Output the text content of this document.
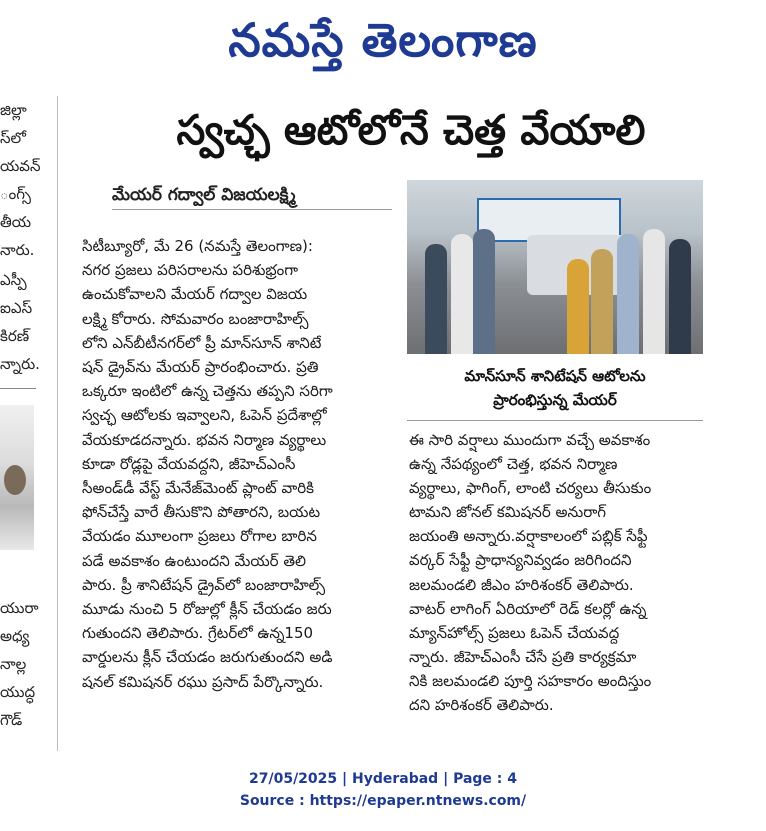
నమస్తే తెలంగాణ
జిల్లా
స్‌లో
యవన్
ంగ్స్
తీయ
నారు.
ఎస్పీ
ఐఎస్
కిరణ్
న్నారు.
యురా
అధ్య
నాల్ల
యుద్ధ
గౌడ్
స్వచ్ఛ ఆటోలోనే చెత్త వేయాలి
మేయర్ గద్వాల్ విజయలక్ష్మి
సిటీబ్యూరో, మే 26 (నమస్తే తెలంగాణ):
నగర ప్రజలు పరిసరాలను పరిశుభ్రంగా
ఉంచుకోవాలని మేయర్ గద్వాల విజయ
లక్ష్మి కోరారు. సోమవారం బంజారాహిల్స్
లోని ఎన్‌బీటీనగర్‌లో ప్రీ మాన్‌సూన్ శానిటే
షన్ డ్రైవ్‌ను మేయర్ ప్రారంభించారు. ప్రతి
ఒక్కరూ ఇంటిలో ఉన్న చెత్తను తప్పని సరిగా
స్వచ్ఛ ఆటోలకు ఇవ్వాలని, ఓపెన్ ప్రదేశాల్లో
వేయకూడదన్నారు. భవన నిర్మాణ వ్యర్థాలు
కూడా రోడ్లపై వేయవద్దని, జీహెచ్‌ఎంసీ
సీఅండ్‌డీ వేస్ట్ మేనేజ్‌మెంట్ ప్లాంట్ వారికి
ఫోన్‌చేస్తే వారే తీసుకొని పోతారని, బయట
వేయడం మూలంగా ప్రజలు రోగాల బారిన
పడే అవకాశం ఉంటుందని మేయర్ తెలి
పారు. ప్రీ శానిటేషన్ డ్రైవ్‌లో బంజారాహిల్స్
మూడు నుంచి 5 రోజుల్లో క్లీన్ చేయడం జరు
గుతుందని తెలిపారు. గ్రేటర్‌లో ఉన్న150
వార్డులను క్లీన్ చేయడం జరుగుతుందని అడి
షనల్ కమిషనర్ రఘు ప్రసాద్ పేర్కొన్నారు.
మాన్‌సూన్ శానిటేషన్ ఆటోలను
ప్రారంభిస్తున్న మేయర్
ఈ సారి వర్షాలు ముందుగా వచ్చే అవకాశం
ఉన్న నేపథ్యంలో చెత్త, భవన నిర్మాణ
వ్యర్థాలు, ఫాగింగ్, లాంటి చర్యలు తీసుకుం
టామని జోనల్ కమిషనర్ అనురాగ్
జయంతి అన్నారు.వర్షాకాలంలో పబ్లిక్ సేఫ్టీ
వర్కర్ సేఫ్టీ ప్రాధాన్యనివ్వడం జరిగిందని
జలమండలి జీఎం హరిశంకర్ తెలిపారు.
వాటర్ లాగింగ్ ఏరియాలో రెడ్ కలర్లో ఉన్న
మ్యాన్‌హోల్స్ ప్రజలు ఓపెన్ చేయవద్ద
న్నారు. జీహెచ్‌ఎంసీ చేసే ప్రతి కార్యక్రమా
నికి జలమండలి పూర్తి సహకారం అందిస్తుం
దని హరిశంకర్ తెలిపారు.
27/05/2025 | Hyderabad | Page : 4
Source : https://epaper.ntnews.com/
